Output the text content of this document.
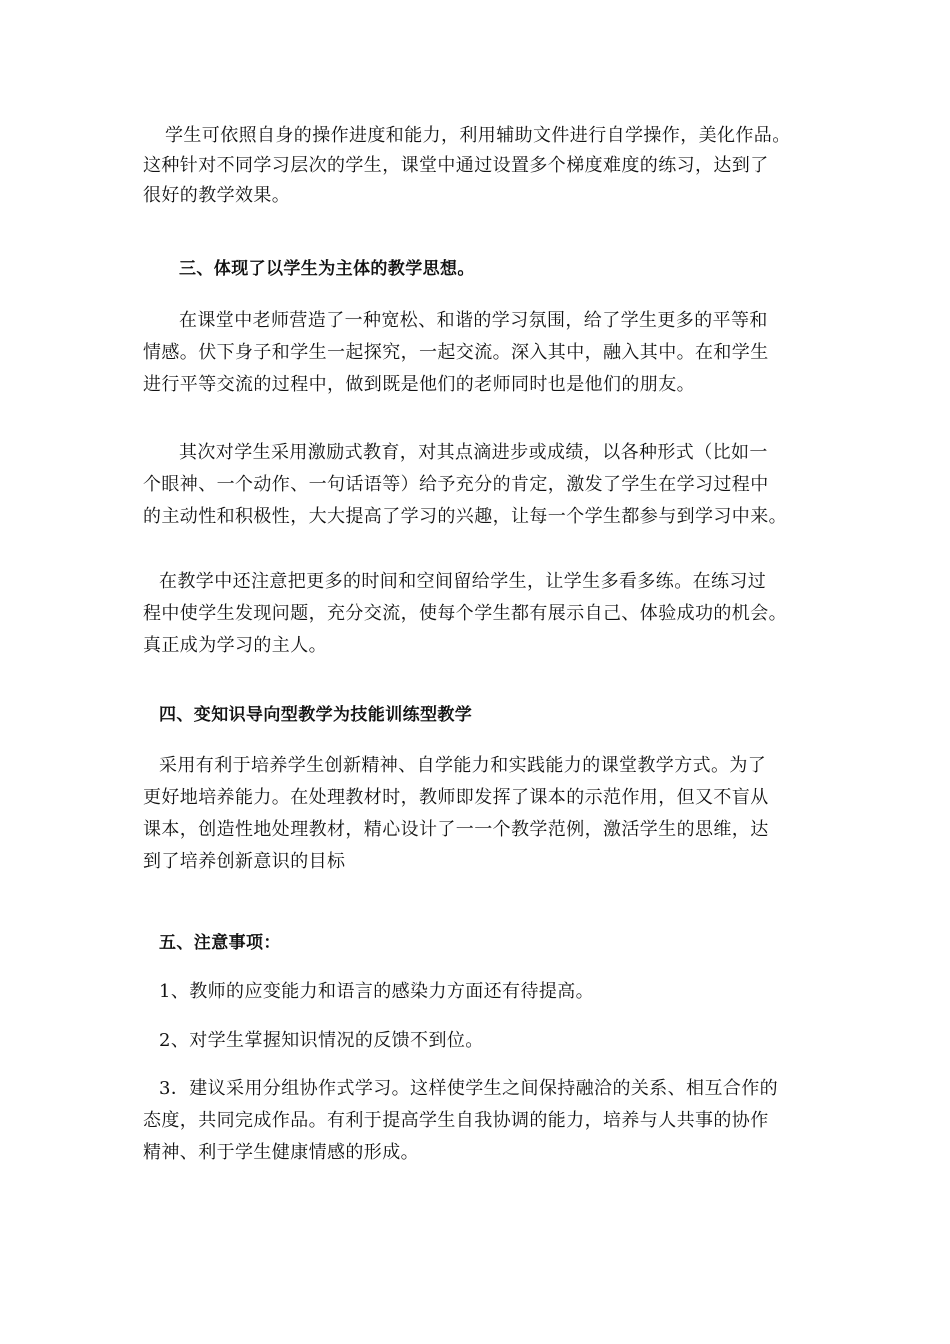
学生可依照自身的操作进度和能力，利用辅助文件进行自学操作，美化作品。
这种针对不同学习层次的学生，课堂中通过设置多个梯度难度的练习，达到了
很好的教学效果。
三、体现了以学生为主体的教学思想。
在课堂中老师营造了一种宽松、和谐的学习氛围，给了学生更多的平等和
情感。伏下身子和学生一起探究，一起交流。深入其中，融入其中。在和学生
进行平等交流的过程中，做到既是他们的老师同时也是他们的朋友。
其次对学生采用激励式教育，对其点滴进步或成绩，以各种形式（比如一
个眼神、一个动作、一句话语等）给予充分的肯定，激发了学生在学习过程中
的主动性和积极性，大大提高了学习的兴趣，让每一个学生都参与到学习中来。
在教学中还注意把更多的时间和空间留给学生，让学生多看多练。在练习过
程中使学生发现问题，充分交流，使每个学生都有展示自己、体验成功的机会。
真正成为学习的主人。
四、变知识导向型教学为技能训练型教学
采用有利于培养学生创新精神、自学能力和实践能力的课堂教学方式。为了
更好地培养能力。在处理教材时，教师即发挥了课本的示范作用，但又不盲从
课本，创造性地处理教材，精心设计了一一个教学范例，激活学生的思维，达
到了培养创新意识的目标
五、注意事项：
1、教师的应变能力和语言的感染力方面还有待提高。
2、对学生掌握知识情况的反馈不到位。
3．建议采用分组协作式学习。这样使学生之间保持融洽的关系、相互合作的
态度，共同完成作品。有利于提高学生自我协调的能力，培养与人共事的协作
精神、利于学生健康情感的形成。
